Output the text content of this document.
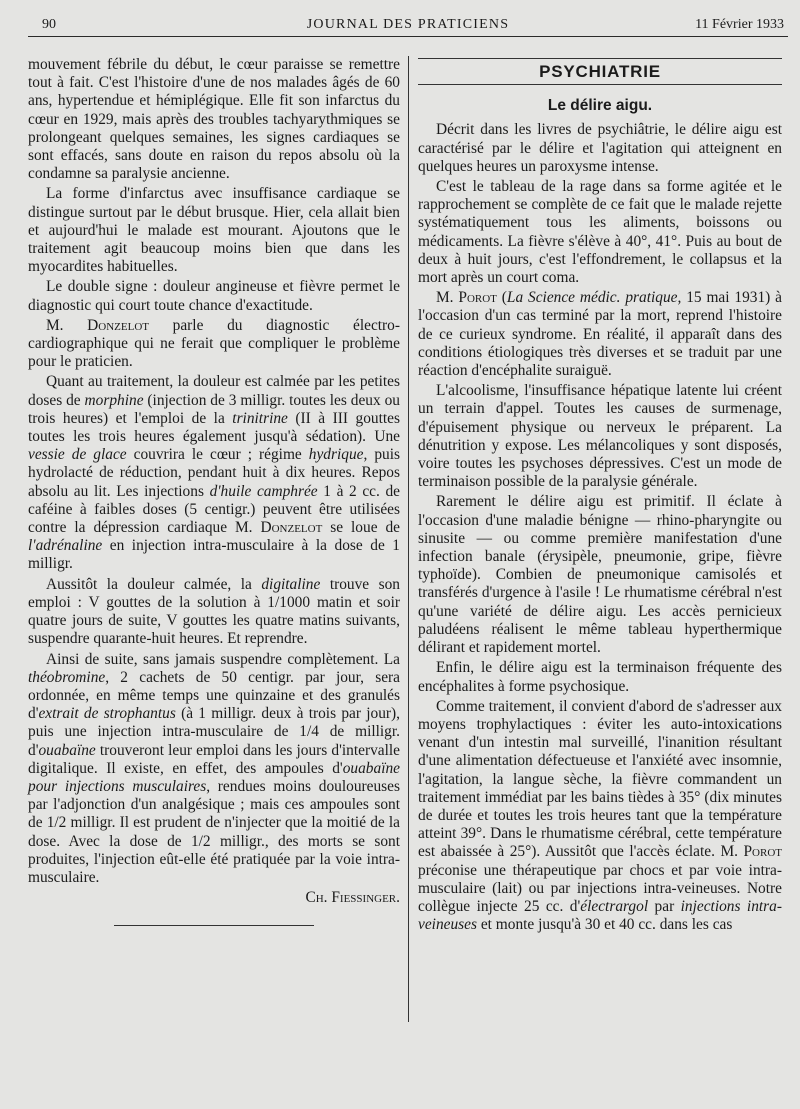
90	JOURNAL DES PRATICIENS	11 Février 1933

mouvement fébrile du début, le cœur paraisse se remettre tout à fait. C'est l'histoire d'une de nos malades âgés de 60 ans, hypertendue et hémiplégique. Elle fit son infarctus du cœur en 1929, mais après des troubles tachyarythmiques se prolongeant quelques semaines, les signes cardiaques se sont effacés, sans doute en raison du repos absolu où la condamne sa paralysie ancienne.

La forme d'infarctus avec insuffisance cardiaque se distingue surtout par le début brusque. Hier, cela allait bien et aujourd'hui le malade est mourant. Ajoutons que le traitement agit beaucoup moins bien que dans les myocardites habituelles.

Le double signe : douleur angineuse et fièvre permet le diagnostic qui court toute chance d'exactitude.

M. Donzelot parle du diagnostic électro-cardiographique qui ne ferait que compliquer le problème pour le praticien.

Quant au traitement, la douleur est calmée par les petites doses de morphine (injection de 3 milligr. toutes les deux ou trois heures) et l'emploi de la trinitrine (II à III gouttes toutes les trois heures également jusqu'à sédation). Une vessie de glace couvrira le cœur ; régime hydrique, puis hydrolacté de réduction, pendant huit à dix heures. Repos absolu au lit. Les injections d'huile camphrée 1 à 2 cc. de caféine à faibles doses (5 centigr.) peuvent être utilisées contre la dépression cardiaque M. Donzelot se loue de l'adrénaline en injection intra-musculaire à la dose de 1 milligr.

Aussitôt la douleur calmée, la digitaline trouve son emploi : V gouttes de la solution à 1/1000 matin et soir quatre jours de suite, V gouttes les quatre matins suivants, suspendre quarante-huit heures. Et reprendre.

Ainsi de suite, sans jamais suspendre complètement. La théobromine, 2 cachets de 50 centigr. par jour, sera ordonnée, en même temps une quinzaine et des granulés d'extrait de strophantus (à 1 milligr. deux à trois par jour), puis une injection intra-musculaire de 1/4 de milligr. d'ouabaïne trouveront leur emploi dans les jours d'intervalle digitalique. Il existe, en effet, des ampoules d'ouabaïne pour injections musculaires, rendues moins douloureuses par l'adjonction d'un analgésique ; mais ces ampoules sont de 1/2 milligr. Il est prudent de n'injecter que la moitié de la dose. Avec la dose de 1/2 milligr., des morts se sont produites, l'injection eût-elle été pratiquée par la voie intra-musculaire.

Ch. Fiessinger.

PSYCHIATRIE
Le délire aigu.

Décrit dans les livres de psychiâtrie, le délire aigu est caractérisé par le délire et l'agitation qui atteignent en quelques heures un paroxysme intense.

C'est le tableau de la rage dans sa forme agitée et le rapprochement se complète de ce fait que le malade rejette systématiquement tous les aliments, boissons ou médicaments. La fièvre s'élève à 40°, 41°. Puis au bout de deux à huit jours, c'est l'effondrement, le collapsus et la mort après un court coma.

M. Porot (La Science médic. pratique, 15 mai 1931) à l'occasion d'un cas terminé par la mort, reprend l'histoire de ce curieux syndrome. En réalité, il apparaît dans des conditions étiologiques très diverses et se traduit par une réaction d'encéphalite suraiguë.

L'alcoolisme, l'insuffisance hépatique latente lui créent un terrain d'appel. Toutes les causes de surmenage, d'épuisement physique ou nerveux le préparent. La dénutrition y expose. Les mélancoliques y sont disposés, voire toutes les psychoses dépressives. C'est un mode de terminaison possible de la paralysie générale.

Rarement le délire aigu est primitif. Il éclate à l'occasion d'une maladie bénigne — rhino-pharyngite ou sinusite — ou comme première manifestation d'une infection banale (érysipèle, pneumonie, gripe, fièvre typhoïde). Combien de pneumonique camisolés et transférés d'urgence à l'asile ! Le rhumatisme cérébral n'est qu'une variété de délire aigu. Les accès pernicieux paludéens réalisent le même tableau hyperthermique délirant et rapidement mortel.

Enfin, le délire aigu est la terminaison fréquente des encéphalites à forme psychosique.

Comme traitement, il convient d'abord de s'adresser aux moyens trophylactiques : éviter les auto-intoxications venant d'un intestin mal surveillé, l'inanition résultant d'une alimentation défectueuse et l'anxiété avec insomnie, l'agitation, la langue sèche, la fièvre commandent un traitement immédiat par les bains tièdes à 35° (dix minutes de durée et toutes les trois heures tant que la température atteint 39°. Dans le rhumatisme cérébral, cette température est abaissée à 25°). Aussitôt que l'accès éclate. M. Porot préconise une thérapeutique par chocs et par voie intra-musculaire (lait) ou par injections intra-veineuses. Notre collègue injecte 25 cc. d'électrargol par injections intra-veineuses et monte jusqu'à 30 et 40 cc. dans les cas
